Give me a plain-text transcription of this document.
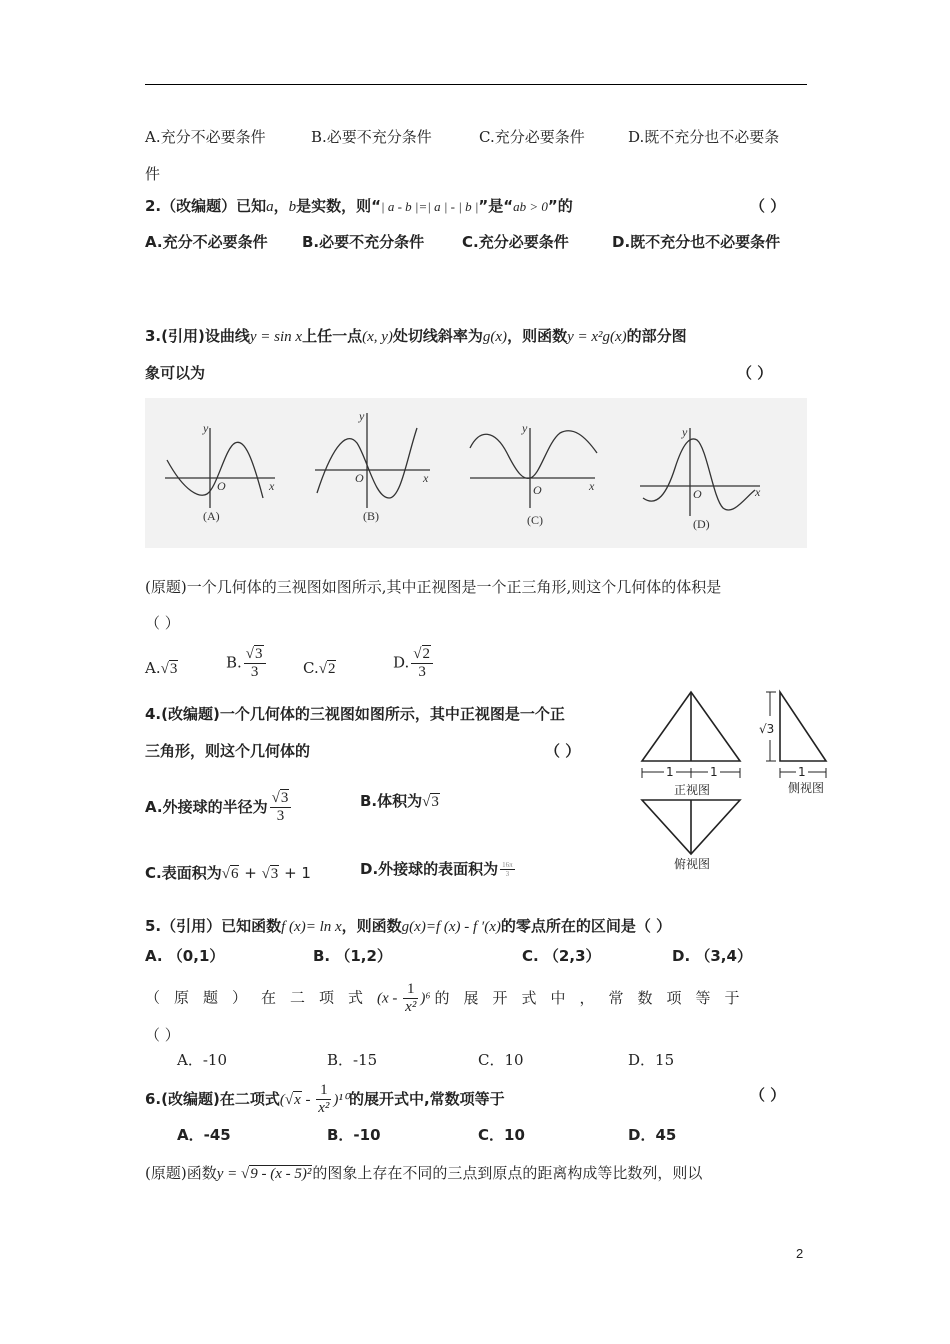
A.充分不必要条件	B.必要不充分条件	C.充分必要条件	D.既不充分也不必要条
件
2.（改编题）已知a，b是实数，则“| a - b |=| a | - | b |”是“ab > 0”的	（ ）
A.充分不必要条件 B.必要不充分条件	C.充分必要条件	D.既不充分也不必要条件
3.(引用)设曲线y = sin x上任一点(x, y)处切线斜率为g(x)，则函数y = x²g(x)的部分图
象可以为	（ ）
y
x
O
y
x
O
y
x
O
y
x
O
(A)	(B)	(C)	(D)
(原题)一个几何体的三视图如图所示,其中正视图是一个正三角形,则这个几何体的体积是
（ ）
A.√3	B. $\frac{√3}{3} C.√2$	D. $\frac{√2}{3}$
4.(改编题)一个几何体的三视图如图所示，其中正视图是一个正
三角形，则这个几何体的	（ ）
A.外接球的半径为 $\frac{√3}{3}$	B.体积为√3
C.表面积为√6 + √3 + 1	D.外接球的表面积为 $\frac{16\pi}{3}$
1	1	1
√3
正视图	侧视图
俯视图
5.（引用）已知函数f (x)= ln x，则函数g(x)=f (x) - f ′(x)的零点所在的区间是（ ）
A. （0,1）	B. （1,2）	C. （2,3）	D. （3,4）
（原题）在二项式$(x - \frac{1}{\text{x²}} )^6$ 的展开式中，常数项等于
（ ）
A．-10	B．-15	C．10	D．15
6.(改编题)在二项式$(√x - \frac{1}{\text{x²}} )^{10}$的展开式中,常数项等于	（ ）
A．-45	B．-10	C．10	D．45
(原题)函数y = √9 - (x - 5)²的图象上存在不同的三点到原点的距离构成等比数列，则以
2
